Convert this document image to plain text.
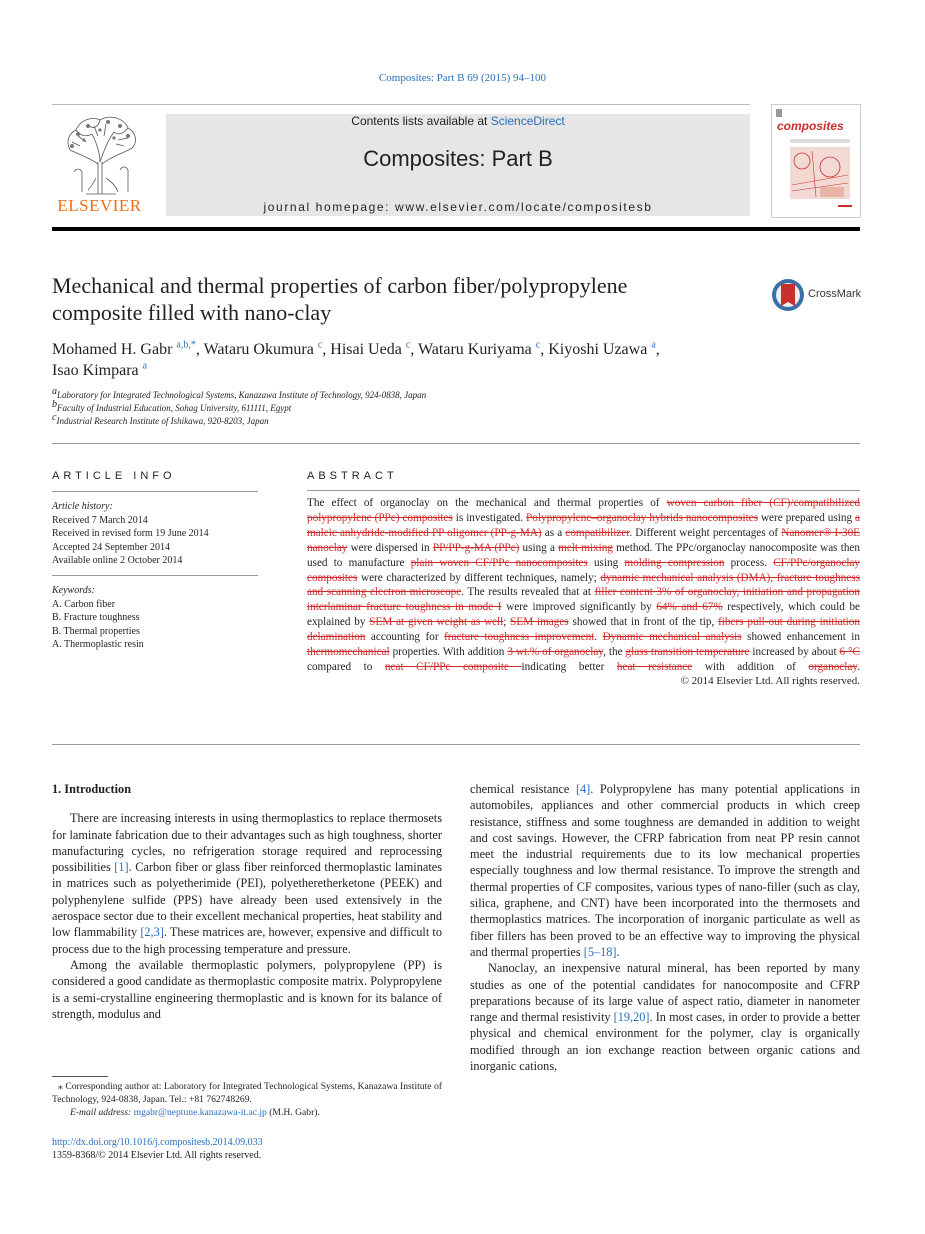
Composites: Part B 69 (2015) 94–100
ELSEVIER
Contents lists available at ScienceDirect
Composites: Part B
journal homepage: www.elsevier.com/locate/compositesb
composites
Mechanical and thermal properties of carbon fiber/polypropylene
composite filled with nano-clay
CrossMark
Mohamed H. Gabr $^{a,b,*}$, Wataru Okumura $^c$, Hisai Ueda $^c$, Wataru Kuriyama $^c$, Kiyoshi Uzawa $^a$,
Isao Kimpara $^a$
$^a$Laboratory for Integrated Technological Systems, Kanazawa Institute of Technology, 924-0838, Japan
$^b$Faculty of Industrial Education, Sohag University, 611111, Egypt
$^c$Industrial Research Institute of Ishikawa, 920-8203, Japan
ARTICLE INFO
Article history:
Received 7 March 2014
Received in revised form 19 June 2014
Accepted 24 September 2014
Available online 2 October 2014
Keywords:
A. Carbon fiber
B. Fracture toughness
B. Thermal properties
A. Thermoplastic resin
ABSTRACT
The effect of organoclay on the mechanical and thermal properties of woven carbon fiber (CF)/compatibilized polypropylene (PPc) composites is investigated. Polypropylene–organoclay hybrids nanocomposites were prepared using a maleic anhydride-modified PP oligomer (PP-g-MA) as a compatibilizer. Different weight percentages of Nanomer® I-30E nanoclay were dispersed in PP/PP-g-MA (PPc) using a melt mixing method. The PPc/organoclay nanocomposite was then used to manufacture plain woven CF/PPc nanocomposites using molding compression process. CF/PPc/organoclay composites were characterized by different techniques, namely; dynamic mechanical analysis (DMA), fracture toughness and scanning electron microscope. The results revealed that at filler content 3% of organoclay, initiation and propagation interlaminar fracture toughness in mode I were improved significantly by 64% and 67% respectively, which could be explained by SEM at given weight as well; SEM images showed that in front of the tip, fibers pull-out during initiation delamination accounting for fracture toughness improvement. Dynamic mechanical analysis showed enhancement in thermomechanical properties. With addition 3 wt.% of organoclay, the glass transition temperature increased by about 6 °C compared to neat CF/PPc composite indicating better heat resistance with addition of organoclay.
© 2014 Elsevier Ltd. All rights reserved.
1. Introduction

There are increasing interests in using thermoplastics to replace thermosets for laminate fabrication due to their advantages such as high toughness, shorter manufacturing cycles, no refrigeration storage required and reprocessing possibilities [1]. Carbon fiber or glass fiber reinforced thermoplastic laminates in matrices such as polyetherimide (PEI), polyetheretherketone (PEEK) and polyphenylene sulfide (PPS) have already been used extensively in the aerospace sector due to their excellent mechanical properties, heat stability and low flammability [2,3]. These matrices are, however, expensive and difficult to process due to the high processing temperature and pressure.

Among the available thermoplastic polymers, polypropylene (PP) is considered a good candidate as thermoplastic composite matrix. Polypropylene is a semi-crystalline engineering thermoplastic and is known for its balance of strength, modulus and

⁎ Corresponding author at: Laboratory for Integrated Technological Systems, Kanazawa Institute of Technology, 924-0838, Japan. Tel.: +81 762748269.
E-mail address: mgabr@neptune.kanazawa-it.ac.jp (M.H. Gabr).
http://dx.doi.org/10.1016/j.compositesb.2014.09.033
1359-8368/© 2014 Elsevier Ltd. All rights reserved.

chemical resistance [4]. Polypropylene has many potential applications in automobiles, appliances and other commercial products in which creep resistance, stiffness and some toughness are demanded in addition to weight and cost savings. However, the CFRP fabrication from neat PP resin cannot meet the industrial requirements due to its low mechanical properties especially toughness and low thermal resistance. To improve the strength and thermal properties of CF composites, various types of nano-filler (such as clay, silica, graphene, and CNT) have been incorporated into the thermosets and thermoplastics matrices. The incorporation of inorganic particulate as well as fiber fillers has been proved to be an effective way to improving the physical and thermal properties [5–18].

Nanoclay, an inexpensive natural mineral, has been reported by many studies as one of the potential candidates for nanocomposite and CFRP preparations because of its large value of aspect ratio, diameter in nanometer range and thermal resistivity [19,20]. In most cases, in order to provide a better physical and chemical environment for the polymer, clay is organically modified through an ion exchange reaction between organic cations and inorganic cations,
